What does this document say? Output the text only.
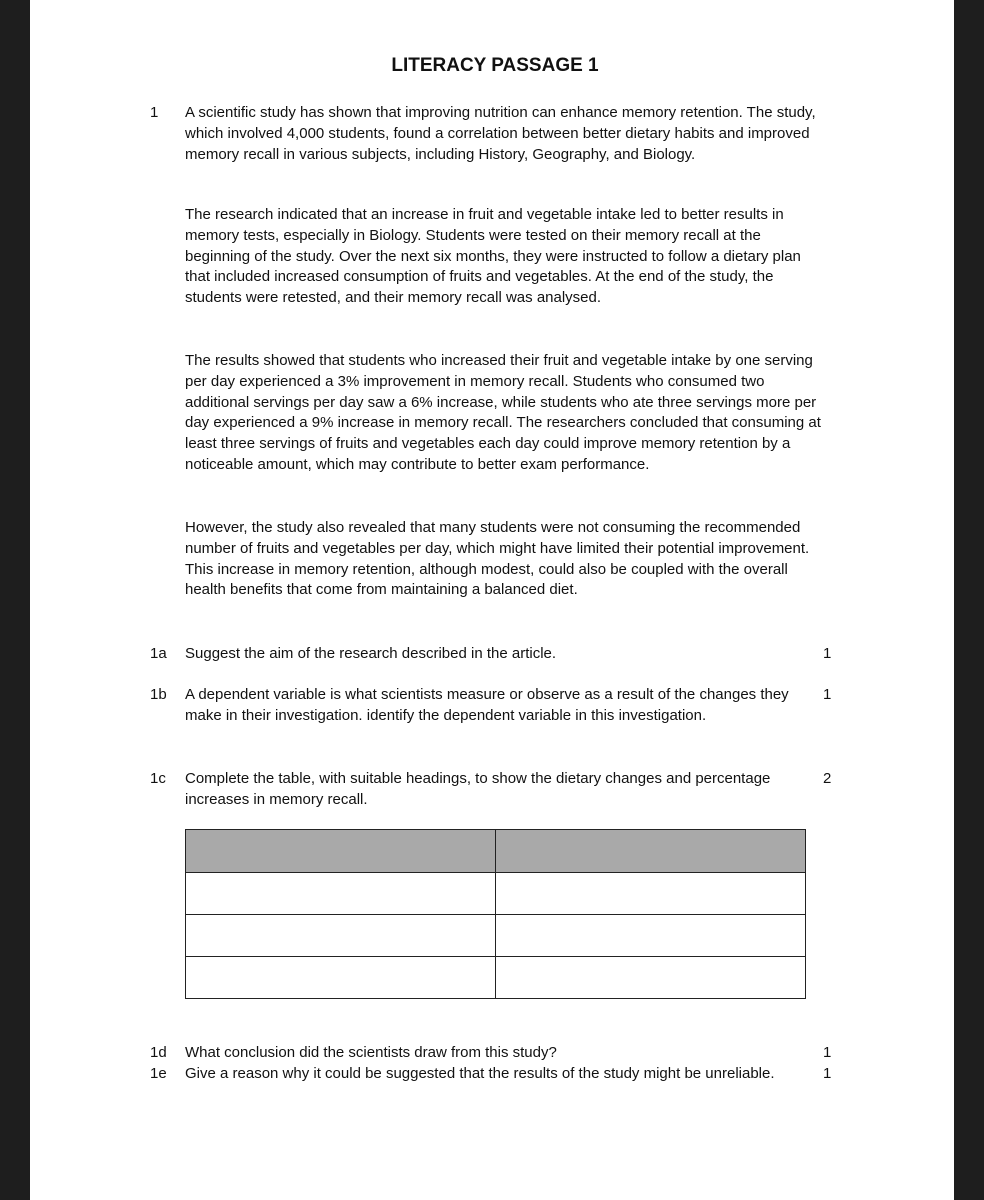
LITERACY PASSAGE 1
1 A scientific study has shown that improving nutrition can enhance memory retention. The study, which involved 4,000 students, found a correlation between better dietary habits and improved memory recall in various subjects, including History, Geography, and Biology.
The research indicated that an increase in fruit and vegetable intake led to better results in memory tests, especially in Biology. Students were tested on their memory recall at the beginning of the study. Over the next six months, they were instructed to follow a dietary plan that included increased consumption of fruits and vegetables. At the end of the study, the students were retested, and their memory recall was analysed.
The results showed that students who increased their fruit and vegetable intake by one serving per day experienced a 3% improvement in memory recall. Students who consumed two additional servings per day saw a 6% increase, while students who ate three servings more per day experienced a 9% increase in memory recall. The researchers concluded that consuming at least three servings of fruits and vegetables each day could improve memory retention by a noticeable amount, which may contribute to better exam performance.
However, the study also revealed that many students were not consuming the recommended number of fruits and vegetables per day, which might have limited their potential improvement. This increase in memory retention, although modest, could also be coupled with the overall health benefits that come from maintaining a balanced diet.
1a Suggest the aim of the research described in the article.	1
1b A dependent variable is what scientists measure or observe as a result of the changes they make in their investigation. identify the dependent variable in this investigation.
1
1c Complete the table, with suitable headings, to show the dietary changes and percentage increases in memory recall.
2

1d What conclusion did the scientists draw from this study?	1
1e Give a reason why it could be suggested that the results of the study might be unreliable.	1
